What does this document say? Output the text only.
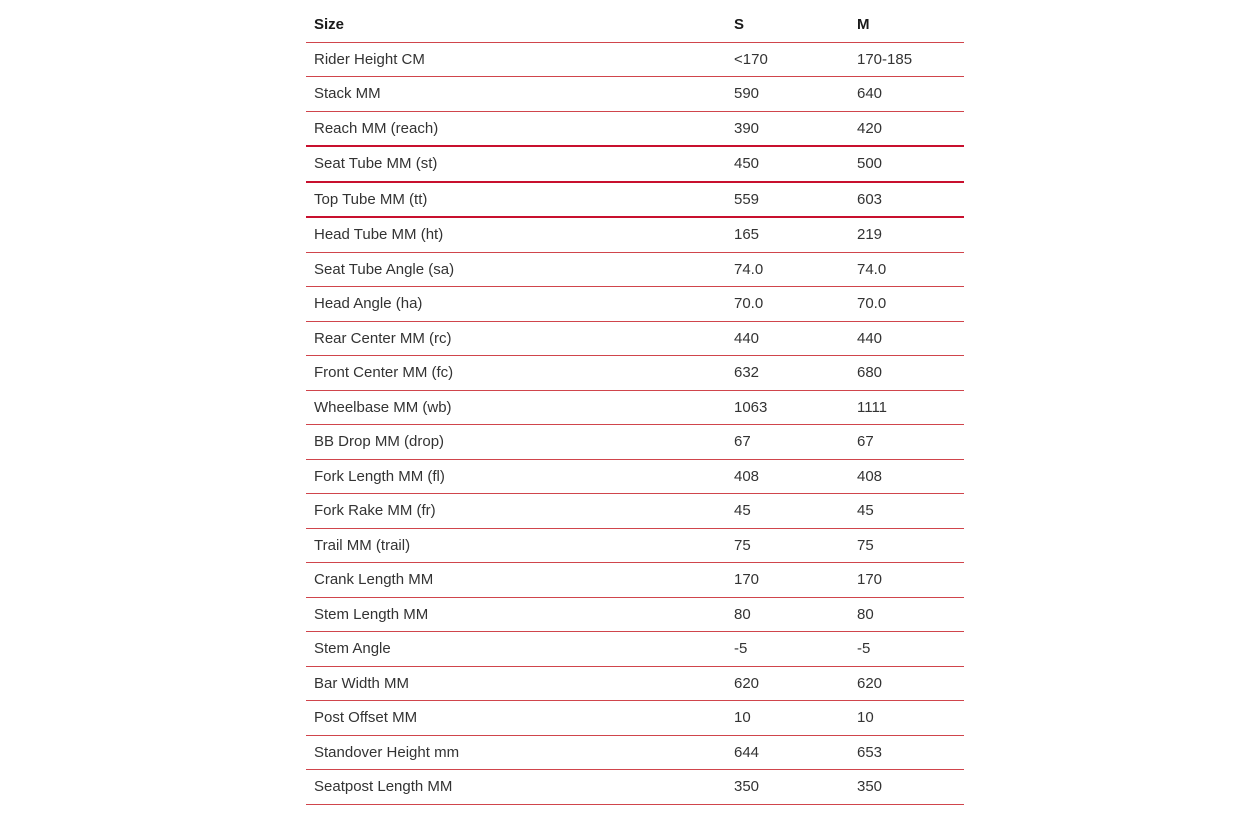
Size	S	M
Rider Height CM	<170	170-185
Stack MM	590	640
Reach MM (reach)	390	420
Seat Tube MM (st)	450	500
Top Tube MM (tt)	559	603
Head Tube MM (ht)	165	219
Seat Tube Angle (sa)	74.0	74.0
Head Angle (ha)	70.0	70.0
Rear Center MM (rc)	440	440
Front Center MM (fc)	632	680
Wheelbase MM (wb)	1063	1111
BB Drop MM (drop)	67	67
Fork Length MM (fl)	408	408
Fork Rake MM (fr)	45	45
Trail MM (trail)	75	75
Crank Length MM	170	170
Stem Length MM	80	80
Stem Angle	-5	-5
Bar Width MM	620	620
Post Offset MM	10	10
Standover Height mm	644	653
Seatpost Length MM	350	350
